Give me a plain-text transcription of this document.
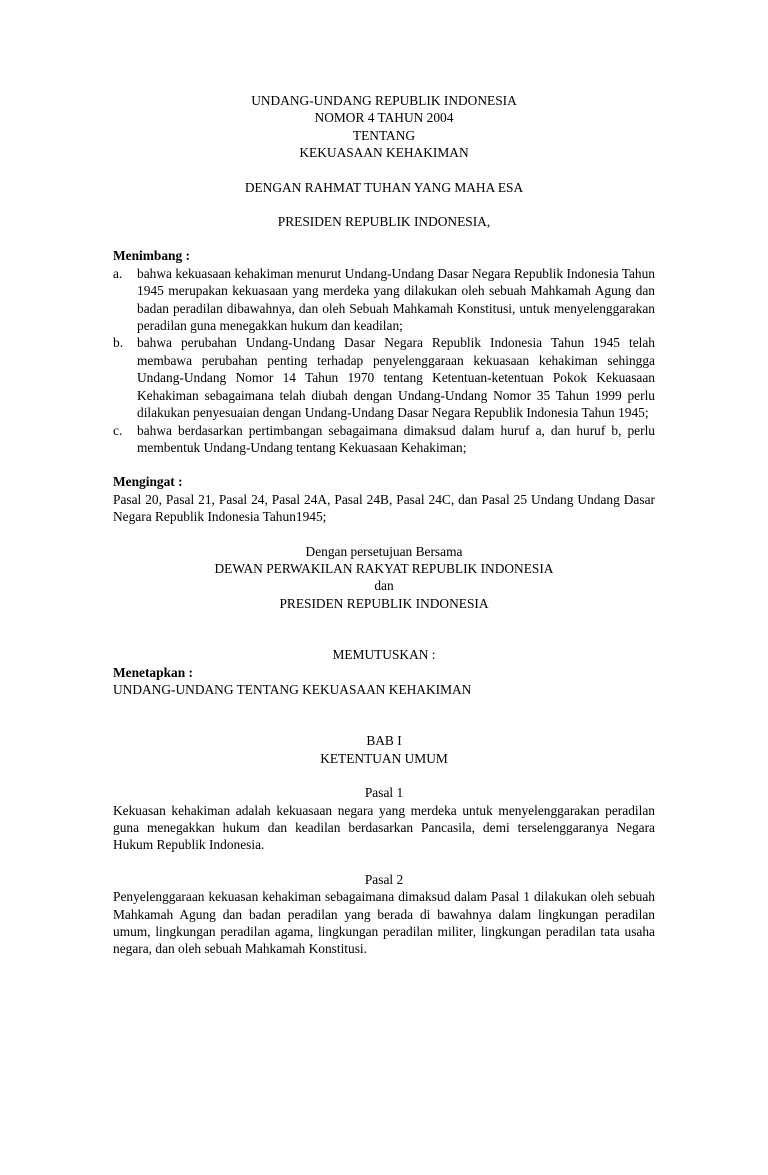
UNDANG-UNDANG REPUBLIK INDONESIA

NOMOR 4 TAHUN 2004

TENTANG

KEKUASAAN KEHAKIMAN

DENGAN RAHMAT TUHAN YANG MAHA ESA

PRESIDEN REPUBLIK INDONESIA,

Menimbang :

a.	bahwa kekuasaan kehakiman menurut Undang-Undang Dasar Negara Republik Indonesia Tahun 1945 merupakan kekuasaan yang merdeka yang dilakukan oleh sebuah Mahkamah Agung dan badan peradilan dibawahnya, dan oleh Sebuah Mahkamah Konstitusi, untuk menyelenggarakan peradilan guna menegakkan hukum dan keadilan;
b.	bahwa perubahan Undang-Undang Dasar Negara Republik Indonesia Tahun 1945 telah membawa perubahan penting terhadap penyelenggaraan kekuasaan kehakiman sehingga Undang-Undang Nomor 14 Tahun 1970 tentang Ketentuan-ketentuan Pokok Kekuasaan Kehakiman sebagaimana telah diubah dengan Undang-Undang Nomor 35 Tahun 1999 perlu dilakukan penyesuaian dengan Undang-Undang Dasar Negara Republik Indonesia Tahun 1945;
c.	bahwa berdasarkan pertimbangan sebagaimana dimaksud dalam huruf a, dan huruf b, perlu membentuk Undang-Undang tentang Kekuasaan Kehakiman;

Mengingat :

Pasal 20, Pasal 21, Pasal 24, Pasal 24A, Pasal 24B, Pasal 24C, dan Pasal 25 Undang Undang Dasar Negara Republik Indonesia Tahun1945;

Dengan persetujuan Bersama

DEWAN PERWAKILAN RAKYAT REPUBLIK INDONESIA

dan

PRESIDEN REPUBLIK INDONESIA

MEMUTUSKAN :

Menetapkan :

UNDANG-UNDANG TENTANG KEKUASAAN KEHAKIMAN

BAB I

KETENTUAN UMUM

Pasal 1

Kekuasan kehakiman adalah kekuasaan negara yang merdeka untuk menyelenggarakan peradilan guna menegakkan hukum dan keadilan berdasarkan Pancasila, demi terselenggaranya Negara Hukum Republik Indonesia.

Pasal 2

Penyelenggaraan kekuasan kehakiman sebagaimana dimaksud dalam Pasal 1 dilakukan oleh sebuah Mahkamah Agung dan badan peradilan yang berada di bawahnya dalam lingkungan peradilan umum, lingkungan peradilan agama, lingkungan peradilan militer, lingkungan peradilan tata usaha negara, dan oleh sebuah Mahkamah Konstitusi.
